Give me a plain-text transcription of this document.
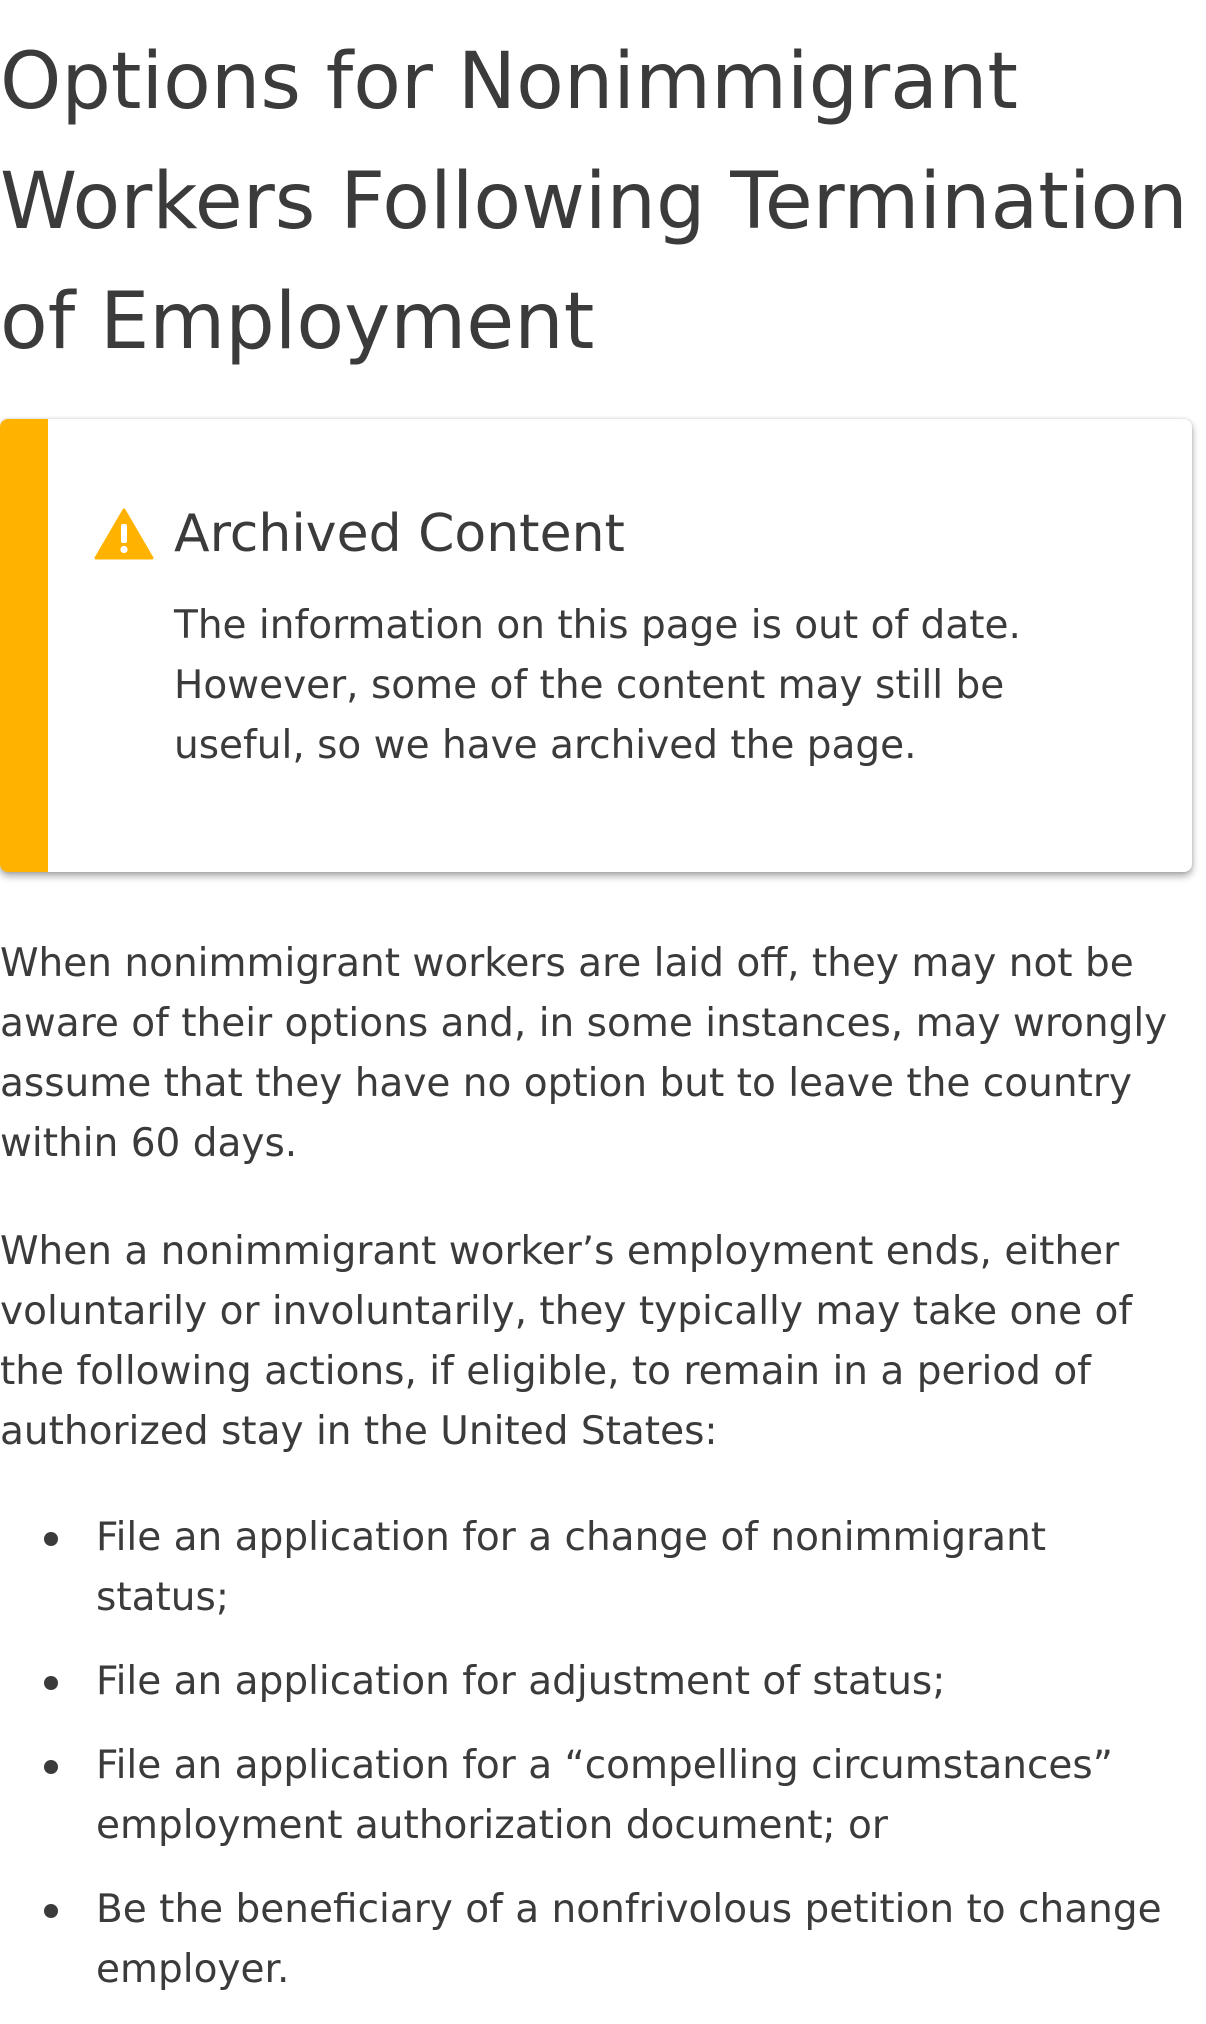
Options for Nonimmigrant Workers Following Termination of Employment
Archived Content

The information on this page is out of date. However, some of the content may still be useful, so we have archived the page.

When nonimmigrant workers are laid off, they may not be aware of their options and, in some instances, may wrongly assume that they have no option but to leave the country within 60 days.

When a nonimmigrant worker’s employment ends, either voluntarily or involuntarily, they typically may take one of the following actions, if eligible, to remain in a period of authorized stay in the United States:

File an application for a change of nonimmigrant status;
File an application for adjustment of status;
File an application for a “compelling circumstances” employment authorization document; or
Be the beneficiary of a nonfrivolous petition to change employer.
